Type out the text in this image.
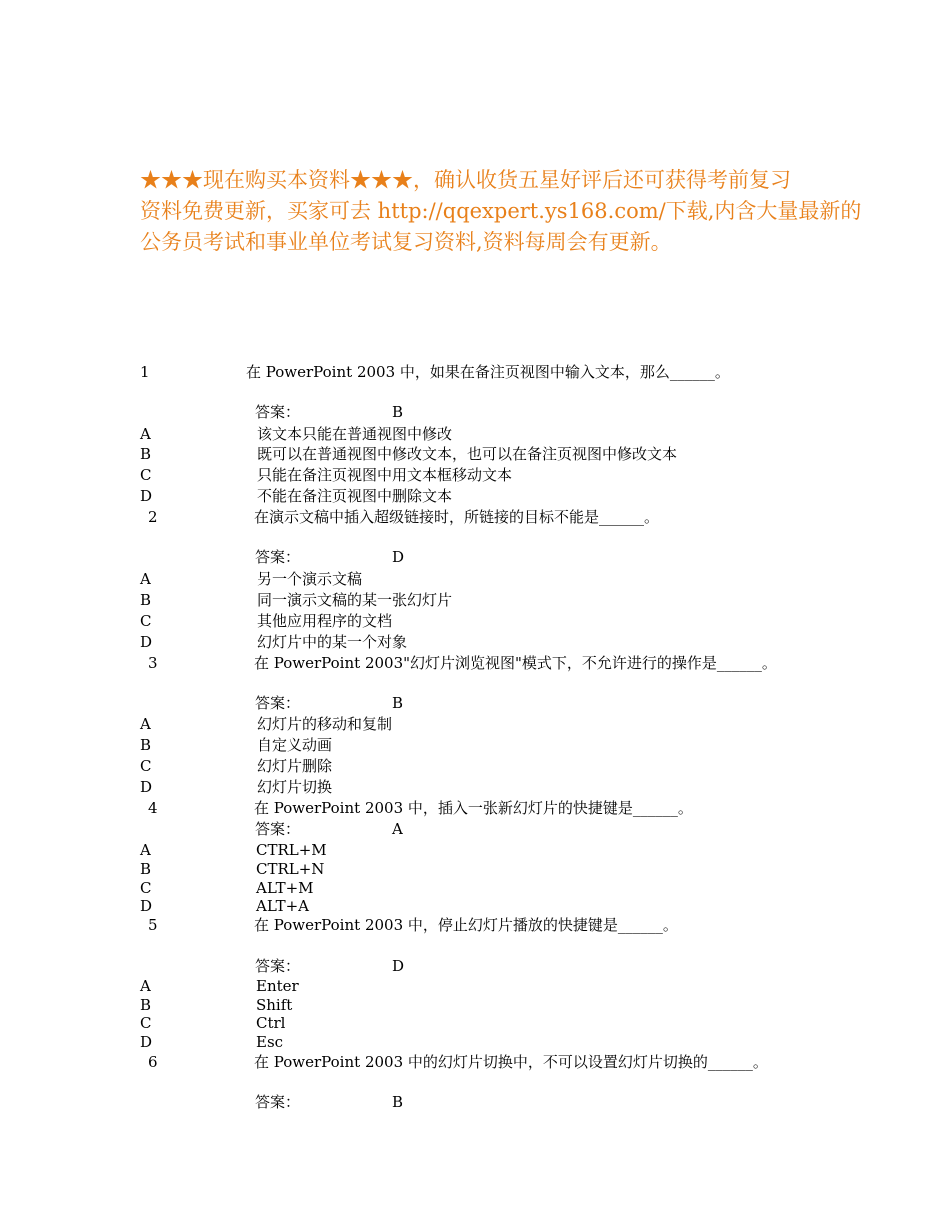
★★★现在购买本资料★★★，确认收货五星好评后还可获得考前复习
资料免费更新，买家可去 http://qqexpert.ys168.com/下载,内含大量最新的
公务员考试和事业单位考试复习资料,资料每周会有更新。
1	在 PowerPoint 2003 中，如果在备注页视图中输入文本，那么______。
答案：	B
A	该文本只能在普通视图中修改
B	既可以在普通视图中修改文本，也可以在备注页视图中修改文本
C	只能在备注页视图中用文本框移动文本
D	不能在备注页视图中删除文本
2	在演示文稿中插入超级链接时，所链接的目标不能是______。
答案：	D
A	另一个演示文稿
B	同一演示文稿的某一张幻灯片
C	其他应用程序的文档
D	幻灯片中的某一个对象
3	在 PowerPoint 2003"幻灯片浏览视图"模式下，不允许进行的操作是______。
答案：	B
A	幻灯片的移动和复制
B	自定义动画
C	幻灯片删除
D	幻灯片切换
4	在 PowerPoint 2003 中，插入一张新幻灯片的快捷键是______。
答案：	A
A	CTRL+M
B	CTRL+N
C	ALT+M
D	ALT+A
5	在 PowerPoint 2003 中，停止幻灯片播放的快捷键是______。
答案：	D
A	Enter
B	Shift
C	Ctrl
D	Esc
6	在 PowerPoint 2003 中的幻灯片切换中，不可以设置幻灯片切换的______。
答案：	B
